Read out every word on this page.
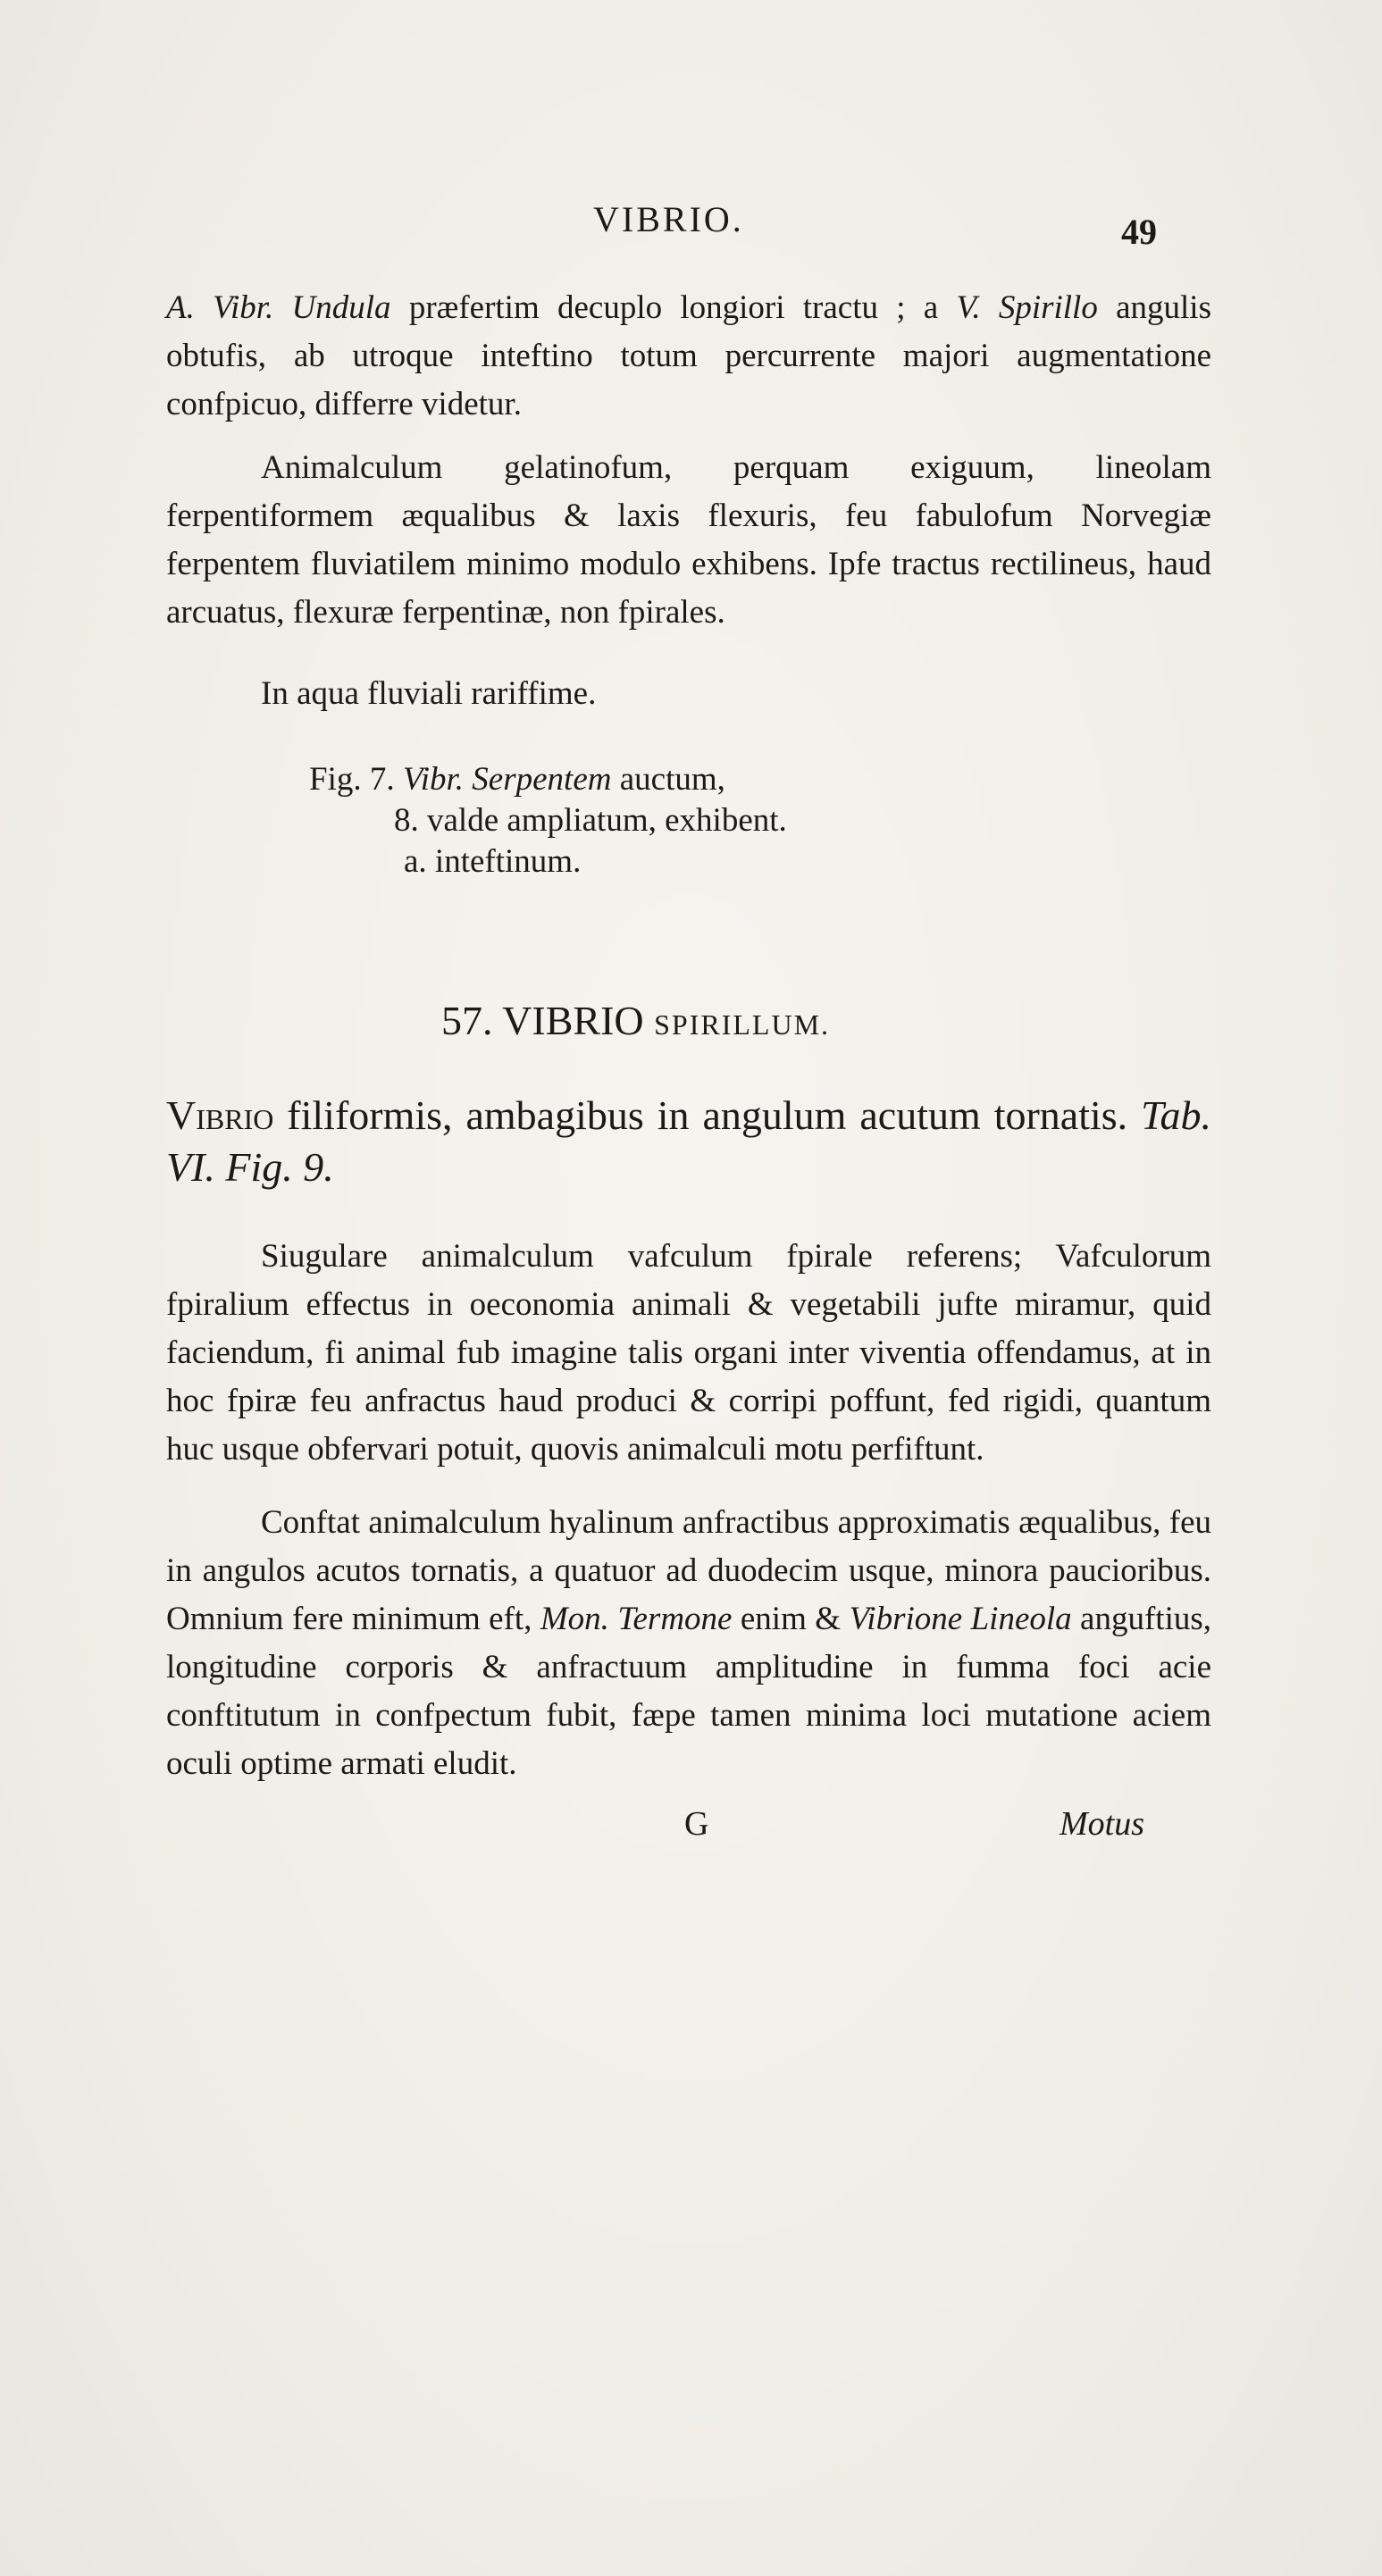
VIBRIO.	49

A. Vibr. Undula præfertim decuplo longiori tractu ; a V. Spirillo angulis obtufis, ab utroque inteftino totum percurrente majori augmentatione confpicuo, differre videtur.

Animalculum gelatinofum, perquam exiguum, lineolam ferpentiformem æqualibus & laxis flexuris, feu fabulofum Norvegiæ ferpentem fluviatilem minimo modulo exhibens. Ipfe tractus rectilineus, haud arcuatus, flexuræ ferpentinæ, non fpirales.

In aqua fluviali rariffime.

Fig. 7. Vibr. Serpentem auctum,
8. valde ampliatum, exhibent.
a. inteftinum.
57. VIBRIO SPIRILLUM.
Vibrio filiformis, ambagibus in angulum acutum tornatis. Tab. VI. Fig. 9.

Siugulare animalculum vafculum fpirale referens; Vafculorum fpiralium effectus in oeconomia animali & vegetabili jufte miramur, quid faciendum, fi animal fub imagine talis organi inter viventia offendamus, at in hoc fpiræ feu anfractus haud produci & corripi poffunt, fed rigidi, quantum huc usque obfervari potuit, quovis animalculi motu perfiftunt.

Conftat animalculum hyalinum anfractibus approximatis æqualibus, feu in angulos acutos tornatis, a quatuor ad duodecim usque, minora paucioribus. Omnium fere minimum eft, Mon. Termone enim & Vibrione Lineola anguftius, longitudine corporis & anfractuum amplitudine in fumma foci acie conftitutum in confpectum fubit, fæpe tamen minima loci mutatione aciem oculi optime armati eludit.

G	Motus
